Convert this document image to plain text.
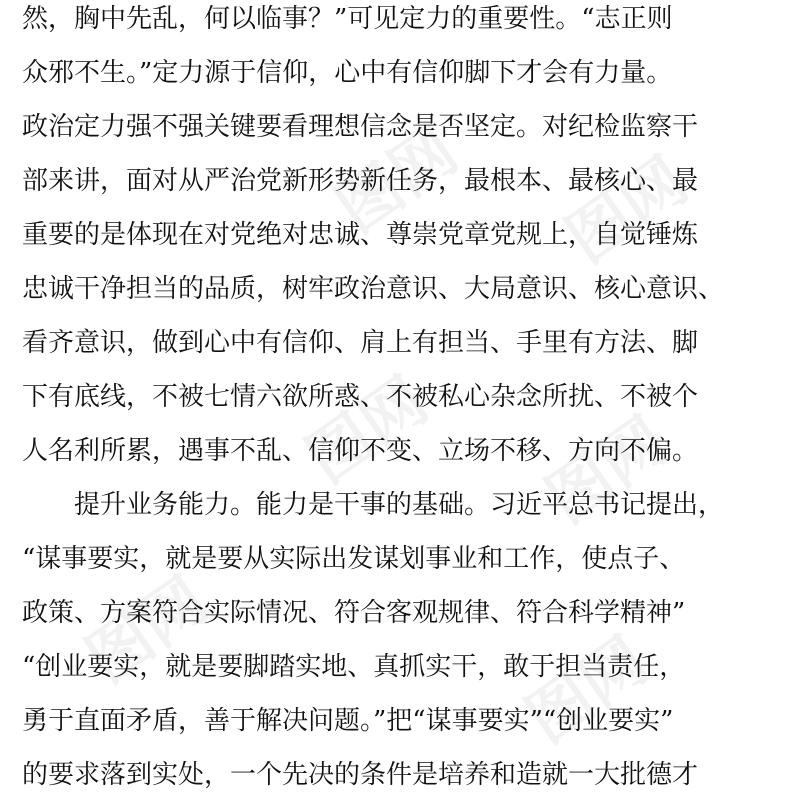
图网 图网
图网 图网
图网	图网
然，胸中先乱，何以临事？”可见定力的重要性。“志正则
众邪不生。”定力源于信仰，心中有信仰脚下才会有力量。
政治定力强不强关键要看理想信念是否坚定。对纪检监察干
部来讲，面对从严治党新形势新任务，最根本、最核心、最
重要的是体现在对党绝对忠诚、尊崇党章党规上，自觉锤炼
忠诚干净担当的品质，树牢政治意识、大局意识、核心意识、
看齐意识，做到心中有信仰、肩上有担当、手里有方法、脚
下有底线，不被七情六欲所惑、不被私心杂念所扰、不被个
人名利所累，遇事不乱、信仰不变、立场不移、方向不偏。
提升业务能力。能力是干事的基础。习近平总书记提出，
“谋事要实，就是要从实际出发谋划事业和工作，使点子、
政策、方案符合实际情况、符合客观规律、符合科学精神”
“创业要实，就是要脚踏实地、真抓实干，敢于担当责任，
勇于直面矛盾，善于解决问题。”把“谋事要实”“创业要实”
的要求落到实处，一个先决的条件是培养和造就一大批德才
